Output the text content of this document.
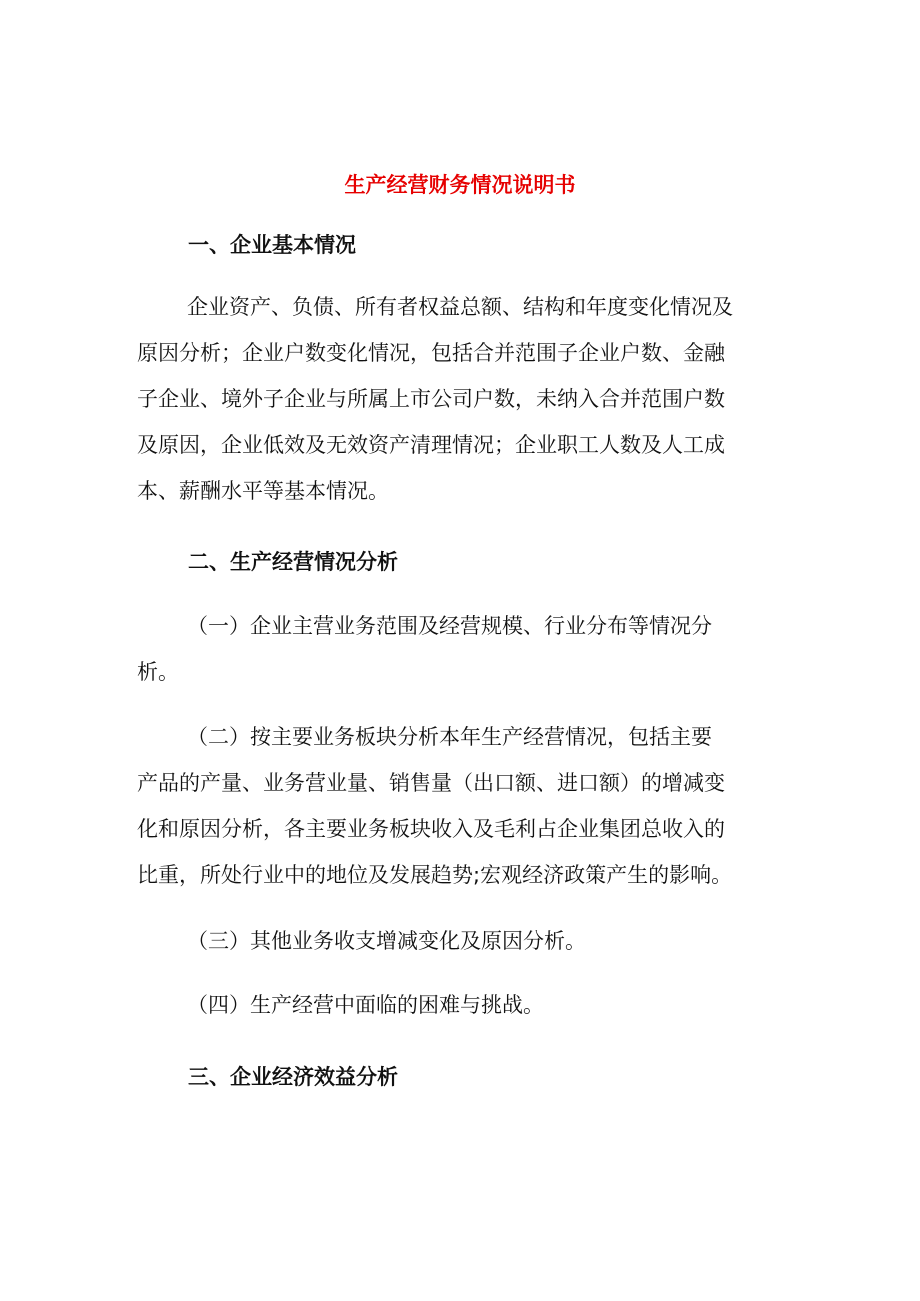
生产经营财务情况说明书
一、企业基本情况

企业资产、负债、所有者权益总额、结构和年度变化情况及
原因分析；企业户数变化情况，包括合并范围子企业户数、金融
子企业、境外子企业与所属上市公司户数，未纳入合并范围户数
及原因，企业低效及无效资产清理情况；企业职工人数及人工成
本、薪酬水平等基本情况。

二、生产经营情况分析

（一）企业主营业务范围及经营规模、行业分布等情况分
析。

（二）按主要业务板块分析本年生产经营情况，包括主要
产品的产量、业务营业量、销售量（出口额、进口额）的增减变
化和原因分析，各主要业务板块收入及毛利占企业集团总收入的
比重，所处行业中的地位及发展趋势;宏观经济政策产生的影响。

（三）其他业务收支增减变化及原因分析。

（四）生产经营中面临的困难与挑战。

三、企业经济效益分析
